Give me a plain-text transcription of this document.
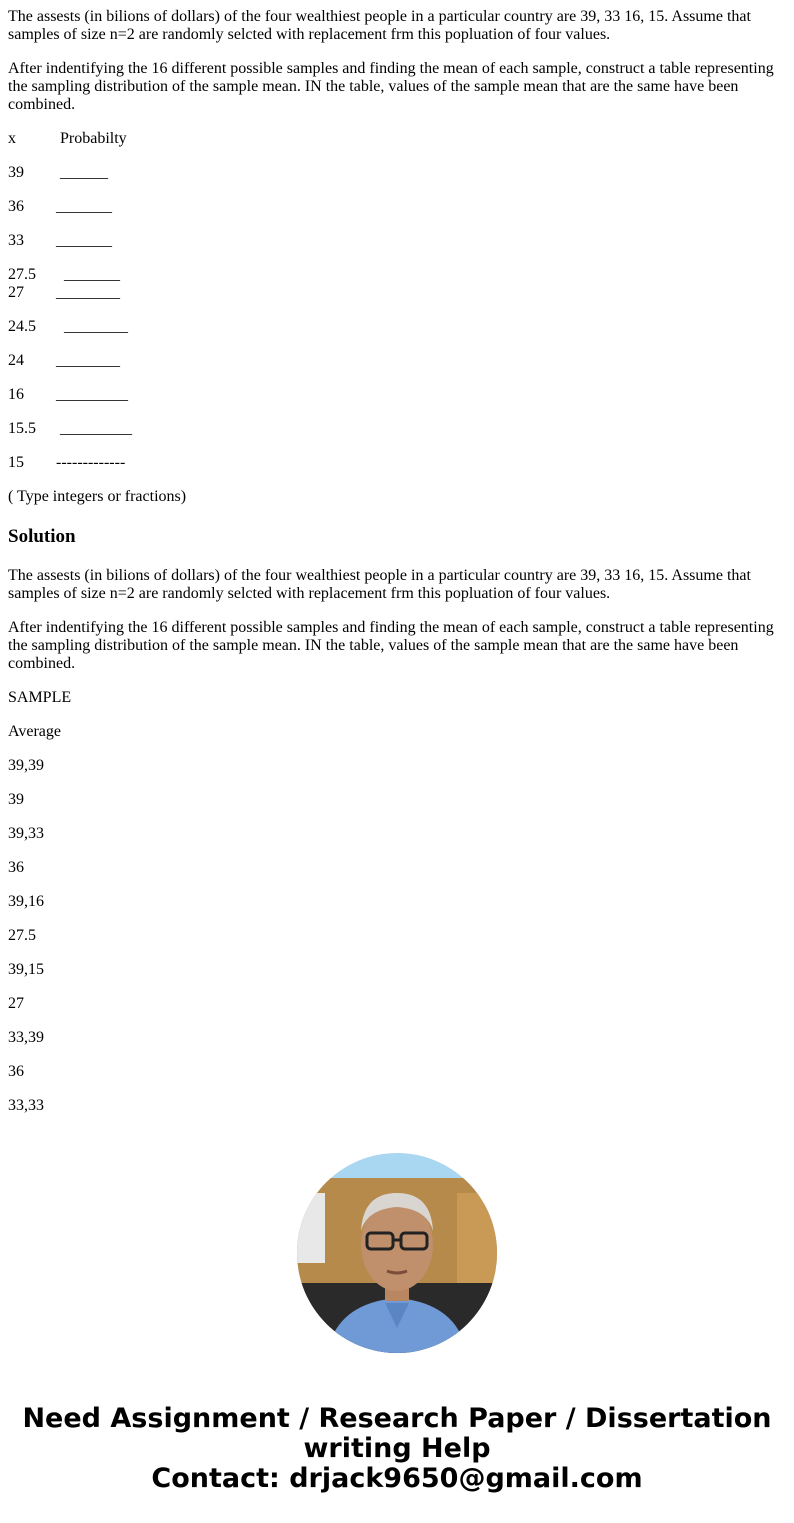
The assests (in bilions of dollars) of the four wealthiest people in a particular country are 39, 33 16, 15. Assume that samples of size n=2 are randomly selcted with replacement frm this popluation of four values.

After indentifying the 16 different possible samples and finding the mean of each sample, construct a table representing the sampling distribution of the sample mean. IN the table, values of the sample mean that are the same have been combined.

x	Probabilty

39 ______

36 _______

33 _______

27.5 _______

27 ________

24.5 ________

24 ________

16 _________

15.5 _________

15 -------------

( Type integers or fractions)

Solution

The assests (in bilions of dollars) of the four wealthiest people in a particular country are 39, 33 16, 15. Assume that samples of size n=2 are randomly selcted with replacement frm this popluation of four values.

After indentifying the 16 different possible samples and finding the mean of each sample, construct a table representing the sampling distribution of the sample mean. IN the table, values of the sample mean that are the same have been combined.

SAMPLE

Average

39,39

39

39,33

36

39,16

27.5

39,15

27

33,39

36

33,33

Need Assignment / Research Paper / Dissertation
writing Help
Contact: drjack9650@gmail.com
